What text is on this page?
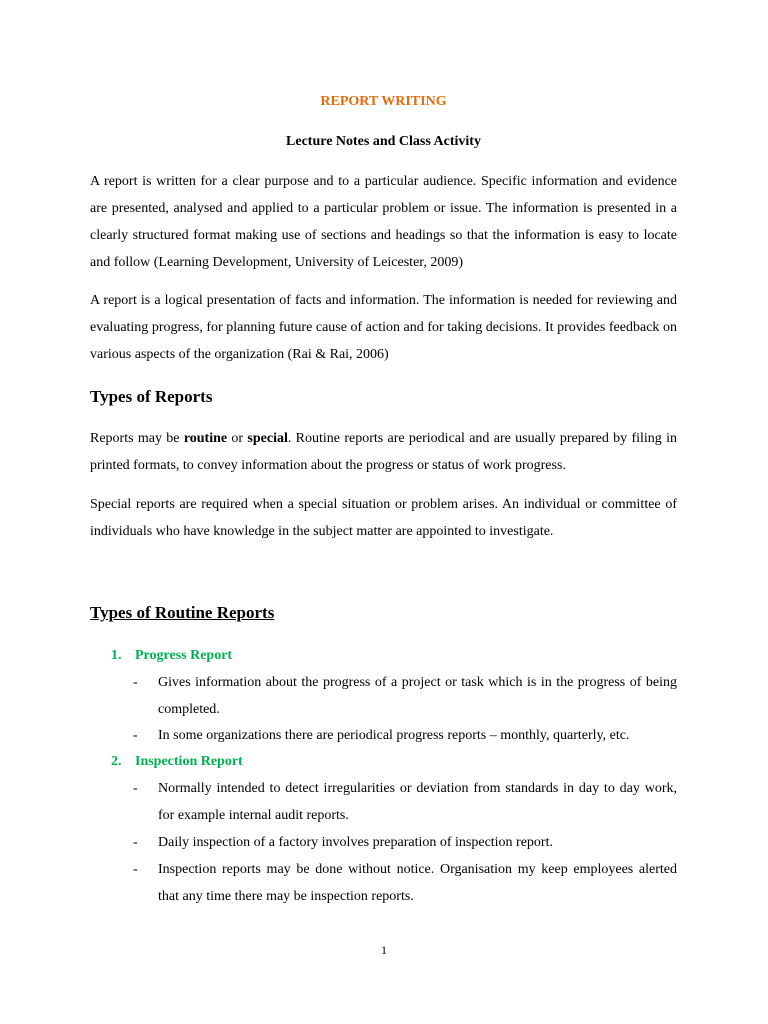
REPORT WRITING
Lecture Notes and Class Activity

A report is written for a clear purpose and to a particular audience. Specific information and evidence are presented, analysed and applied to a particular problem or issue. The information is presented in a clearly structured format making use of sections and headings so that the information is easy to locate and follow (Learning Development, University of Leicester, 2009)

A report is a logical presentation of facts and information. The information is needed for reviewing and evaluating progress, for planning future cause of action and for taking decisions. It provides feedback on various aspects of the organization (Rai & Rai, 2006)

Types of Reports

Reports may be routine or special. Routine reports are periodical and are usually prepared by filing in printed formats, to convey information about the progress or status of work progress.

Special reports are required when a special situation or problem arises. An individual or committee of individuals who have knowledge in the subject matter are appointed to investigate.

Types of Routine Reports
1. Progress Report
- Gives information about the progress of a project or task which is in the progress of being completed.
- In some organizations there are periodical progress reports – monthly, quarterly, etc.
2. Inspection Report
- Normally intended to detect irregularities or deviation from standards in day to day work, for example internal audit reports.
- Daily inspection of a factory involves preparation of inspection report.
- Inspection reports may be done without notice. Organisation my keep employees alerted that any time there may be inspection reports.
1
